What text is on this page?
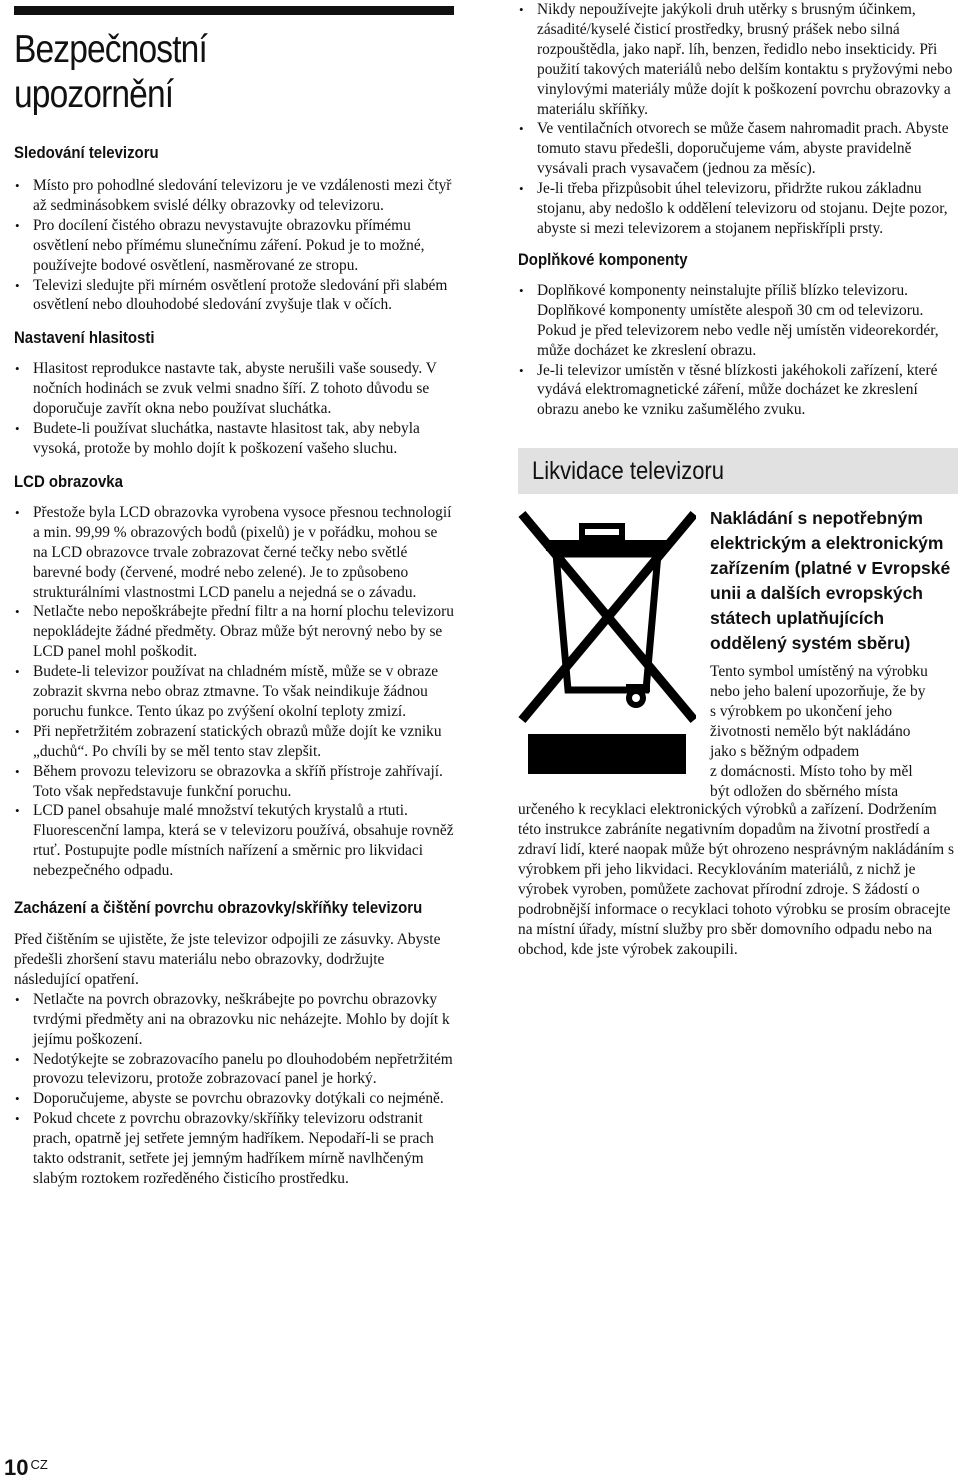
Bezpečnostní
upozornění
Sledování televizoru
• Místo pro pohodlné sledování televizoru je ve vzdálenosti mezi čtyř až sedminásobkem svislé délky obrazovky od televizoru.
• Pro docílení čistého obrazu nevystavujte obrazovku přímému osvětlení nebo přímému slunečnímu záření. Pokud je to možné, používejte bodové osvětlení, nasměrované ze stropu.
• Televizi sledujte při mírném osvětlení protože sledování při slabém osvětlení nebo dlouhodobé sledování zvyšuje tlak v očích.
Nastavení hlasitosti
• Hlasitost reprodukce nastavte tak, abyste nerušili vaše sousedy. V nočních hodinách se zvuk velmi snadno šíří. Z tohoto důvodu se doporučuje zavřít okna nebo používat sluchátka.
• Budete-li používat sluchátka, nastavte hlasitost tak, aby nebyla vysoká, protože by mohlo dojít k poškození vašeho sluchu.
LCD obrazovka
• Přestože byla LCD obrazovka vyrobena vysoce přesnou technologií a min. 99,99 % obrazových bodů (pixelů) je v pořádku, mohou se na LCD obrazovce trvale zobrazovat černé tečky nebo světlé barevné body (červené, modré nebo zelené). Je to způsobeno strukturálními vlastnostmi LCD panelu a nejedná se o závadu.
• Netlačte nebo nepoškrábejte přední filtr a na horní plochu televizoru nepokládejte žádné předměty. Obraz může být nerovný nebo by se LCD panel mohl poškodit.
• Budete-li televizor používat na chladném místě, může se v obraze zobrazit skvrna nebo obraz ztmavne. To však neindikuje žádnou poruchu funkce. Tento úkaz po zvýšení okolní teploty zmizí.
• Při nepřetržitém zobrazení statických obrazů může dojít ke vzniku „duchů“. Po chvíli by se měl tento stav zlepšit.
• Během provozu televizoru se obrazovka a skříň přístroje zahřívají. Toto však nepředstavuje funkční poruchu.
• LCD panel obsahuje malé množství tekutých krystalů a rtuti. Fluorescenční lampa, která se v televizoru používá, obsahuje rovněž rtuť. Postupujte podle místních nařízení a směrnic pro likvidaci nebezpečného odpadu.
Zacházení a čištění povrchu obrazovky/skříňky televizoru

Před čištěním se ujistěte, že jste televizor odpojili ze zásuvky. Abyste předešli zhoršení stavu materiálu nebo obrazovky, dodržujte následující opatření.

• Netlačte na povrch obrazovky, neškrábejte po povrchu obrazovky tvrdými předměty ani na obrazovku nic neházejte. Mohlo by dojít k jejímu poškození.
• Nedotýkejte se zobrazovacího panelu po dlouhodobém nepřetržitém provozu televizoru, protože zobrazovací panel je horký.
• Doporučujeme, abyste se povrchu obrazovky dotýkali co nejméně.
• Pokud chcete z povrchu obrazovky/skříňky televizoru odstranit prach, opatrně jej setřete jemným hadříkem. Nepodaří-li se prach takto odstranit, setřete jej jemným hadříkem mírně navlhčeným slabým roztokem rozředěného čisticího prostředku.
• Nikdy nepoužívejte jakýkoli druh utěrky s brusným účinkem, zásadité/kyselé čisticí prostředky, brusný prášek nebo silná rozpouštědla, jako např. líh, benzen, ředidlo nebo insekticidy. Při použití takových materiálů nebo delším kontaktu s pryžovými nebo vinylovými materiály může dojít k poškození povrchu obrazovky a materiálu skříňky.
• Ve ventilačních otvorech se může časem nahromadit prach. Abyste tomuto stavu předešli, doporučujeme vám, abyste pravidelně vysávali prach vysavačem (jednou za měsíc).
• Je-li třeba přizpůsobit úhel televizoru, přidržte rukou základnu stojanu, aby nedošlo k oddělení televizoru od stojanu. Dejte pozor, abyste si mezi televizorem a stojanem nepřiskřípli prsty.
Doplňkové komponenty
• Doplňkové komponenty neinstalujte příliš blízko televizoru. Doplňkové komponenty umístěte alespoň 30 cm od televizoru. Pokud je před televizorem nebo vedle něj umístěn videorekordér, může docházet ke zkreslení obrazu.
• Je-li televizor umístěn v těsné blízkosti jakéhokoli zařízení, které vydává elektromagnetické záření, může docházet ke zkreslení obrazu anebo ke vzniku zašumělého zvuku.
Likvidace televizoru

Nakládání s nepotřebným

elektrickým a elektronickým

zařízením (platné v Evropské

unii a dalších evropských

státech uplatňujících

oddělený systém sběru)

Tento symbol umístěný na výrobku

nebo jeho balení upozorňuje, že by

s výrobkem po ukončení jeho

životnosti nemělo být nakládáno

jako s běžným odpadem

z domácnosti. Místo toho by měl

být odložen do sběrného místa

určeného k recyklaci elektronických výrobků a zařízení. Dodržením této instrukce zabráníte negativním dopadům na životní prostředí a zdraví lidí, které naopak může být ohrozeno nesprávným nakládáním s výrobkem při jeho likvidaci. Recyklováním materiálů, z nichž je výrobek vyroben, pomůžete zachovat přírodní zdroje. S žádostí o podrobnější informace o recyklaci tohoto výrobku se prosím obracejte na místní úřady, místní služby pro sběr domovního odpadu nebo na obchod, kde jste výrobek zakoupili.

10 $^{CZ}$
